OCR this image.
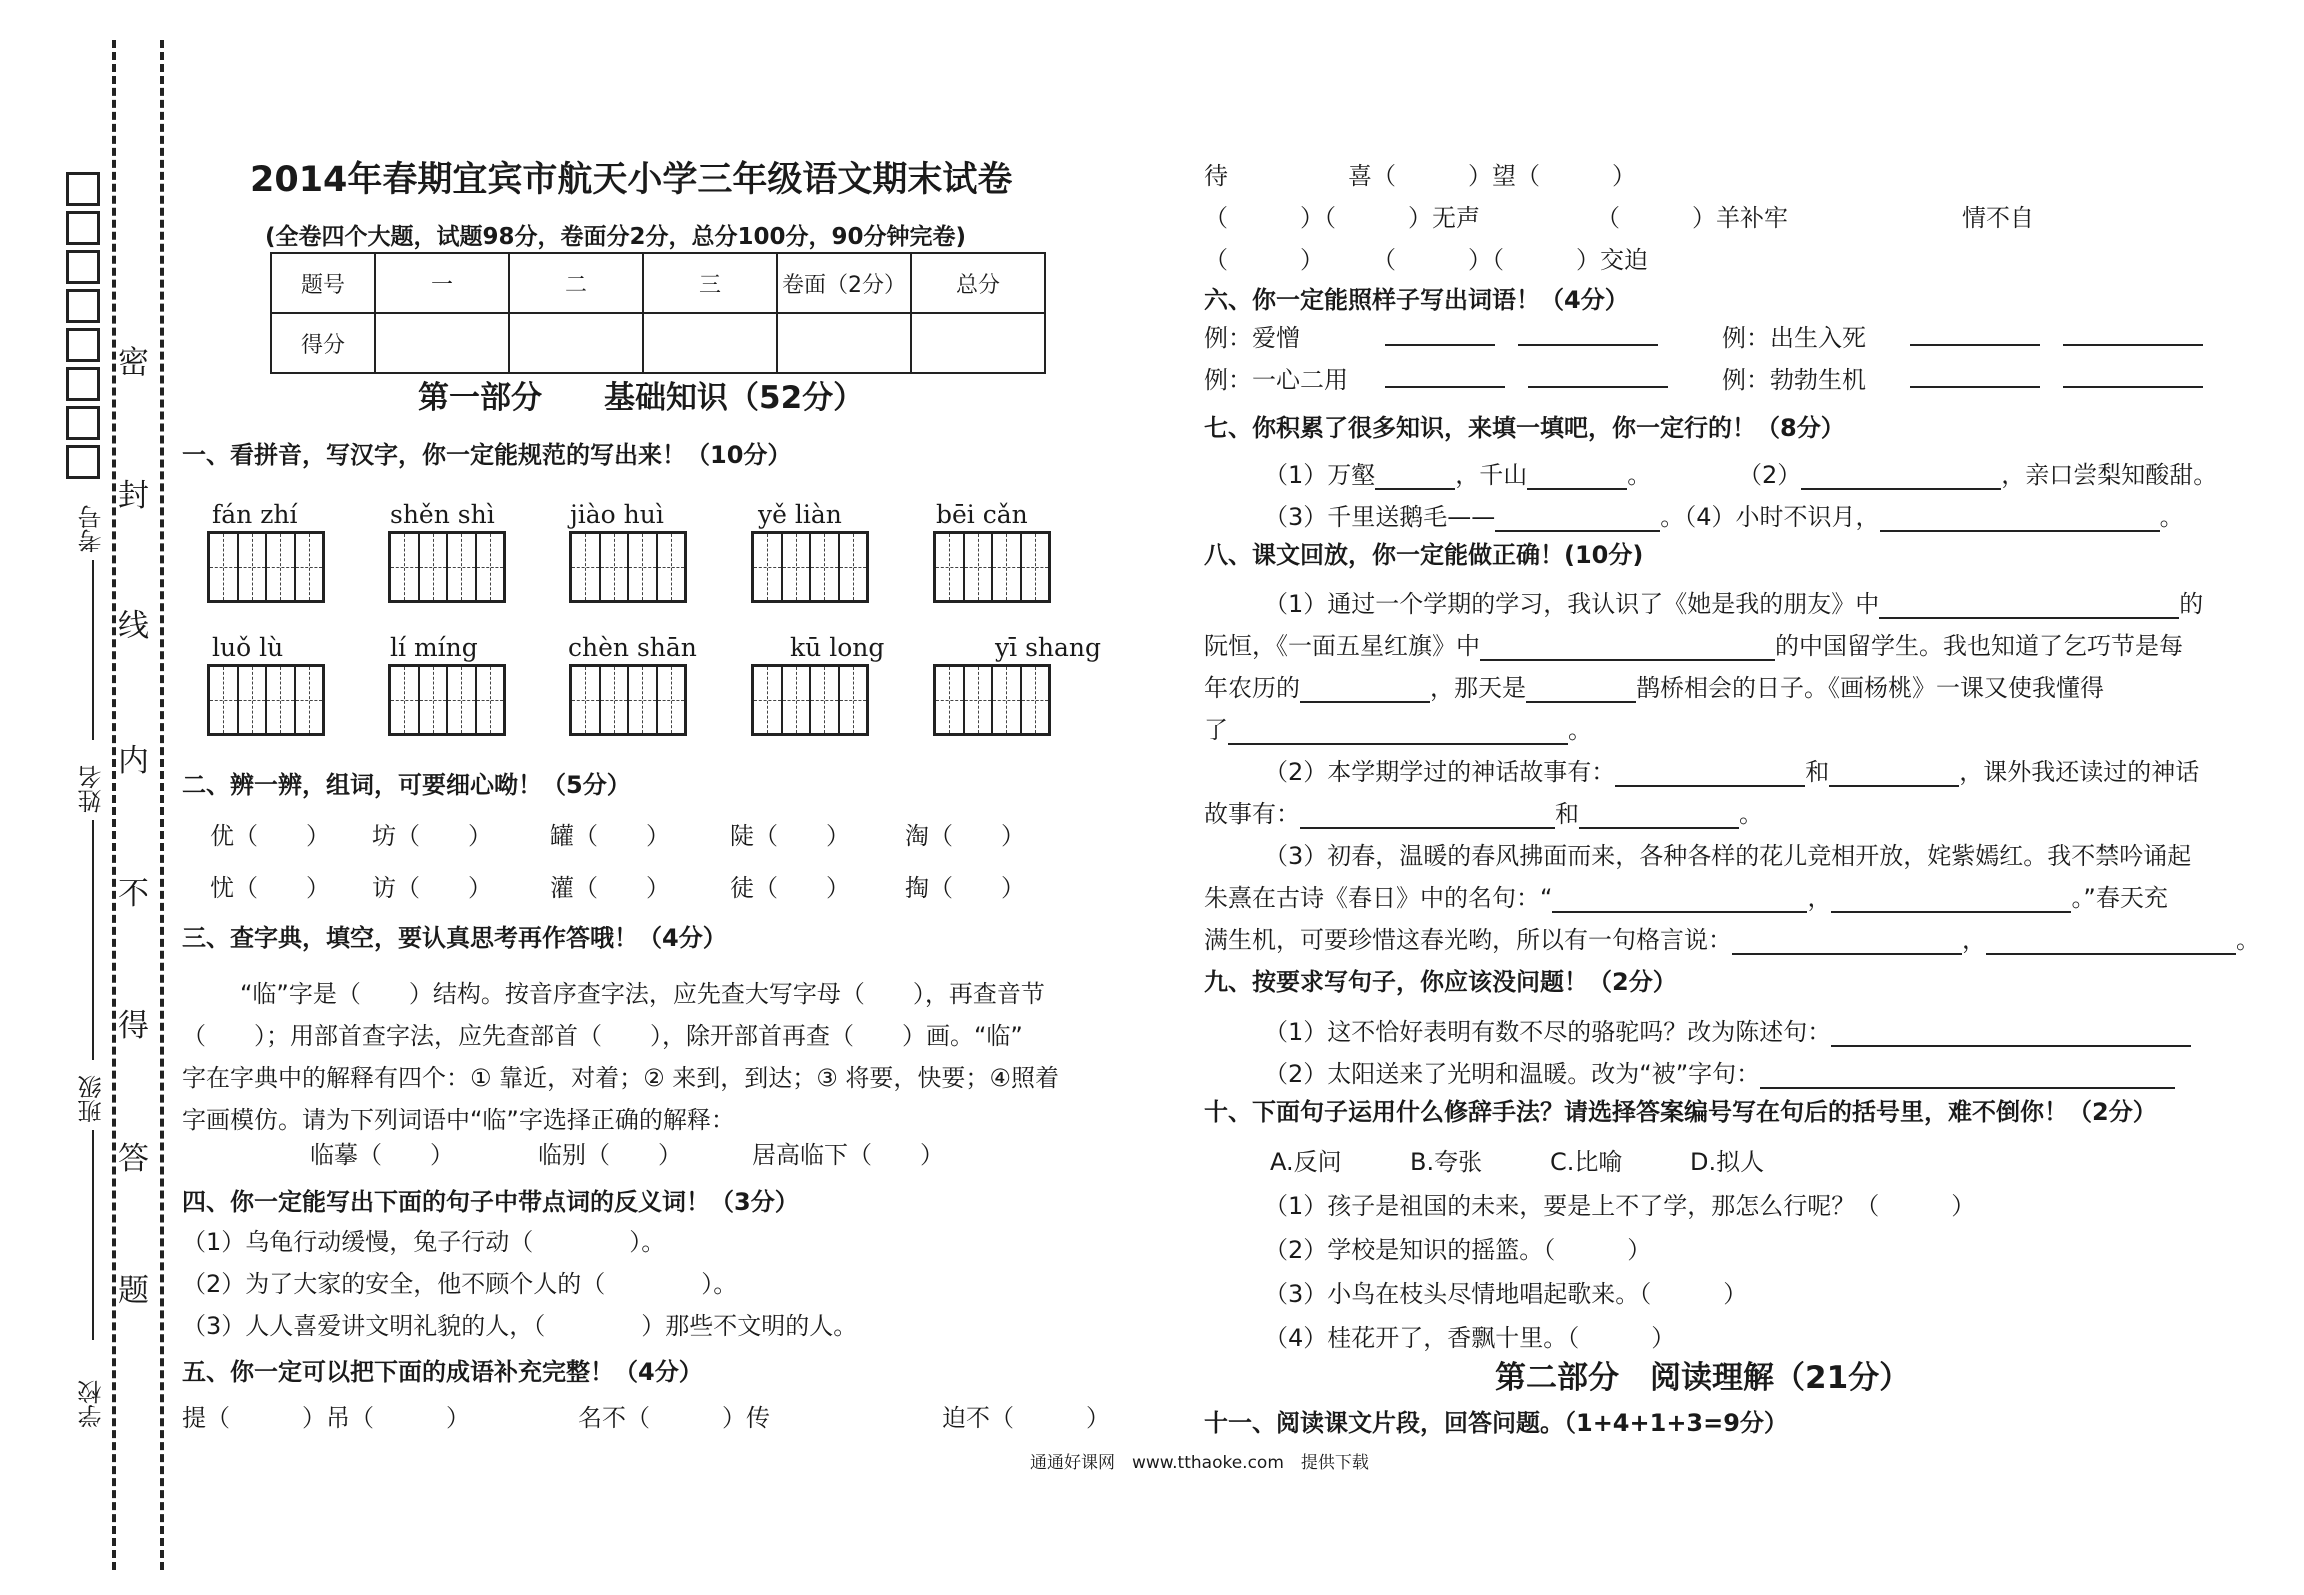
密
封
线
内
不
得
答
题
考号
姓名
班级
学校
2014年春期宜宾市航天小学三年级语文期末试卷
(全卷四个大题，试题98分，卷面分2分，总分100分，90分钟完卷)
题号	一	二	三	卷面（2分）	总分
得分					
第一部分　　基础知识（52分）
一、看拼音，写汉字，你一定能规范的写出来！（10分）
fán zhí	shěn shì	jiào huì	yě liàn	bēi cǎn
luǒ lù	lí míng	chèn shān	kū long	yī shang
二、辨一辨，组词，可要细心呦！（5分）
优（　　） 坊（　　） 罐（　　）	陡（　　） 淘（　　）
忧（　　） 访（　　） 灌（　　）	徒（　　） 掏（　　）
三、查字典，填空，要认真思考再作答哦！（4分）
“临”字是（　　）结构。按音序查字法，应先查大写字母（　　），再查音节
（　　）；用部首查字法，应先查部首（　　），除开部首再查（　　）画。“临”
字在字典中的解释有四个：① 靠近，对着；② 来到，到达；③ 将要，快要；④照着
字画模仿。请为下列词语中“临”字选择正确的解释：
临摹（　　）	临别（　　）	居高临下（　　）
四、你一定能写出下面的句子中带点词的反义词！（3分）
（1）乌龟行动缓慢，兔子行动（　　　　）。
（2）为了大家的安全，他不顾个人的（　　　　）。
（3）人人喜爱讲文明礼貌的人，（　　　　）那些不文明的人。
五、你一定可以把下面的成语补充完整！（4分）
提（　　　）吊（　　　）	名不（　　　）传	迫不（　　　）
通通好课网　www.tthaoke.com　提供下载
待　　　　　喜（　　　）望（　　　）
（　　　）（　　　）无声	（　　　）羊补牢	情不自
（　　　）　　　（　　　）（　　　）交迫
六、你一定能照样子写出词语！（4分）
例：爱憎
	例：出生入死

例：一心二用
	例：勃勃生机

七、你积累了很多知识，来填一填吧，你一定行的！（8分）
（1）万壑	，千山	。	（2）	，亲口尝梨知酸甜。
（3）千里送鹅毛——	。（4）小时不识月，	。
八、课文回放，你一定能做正确！(10分)
（1）通过一个学期的学习，我认识了《她是我的朋友》中	的
阮恒，《一面五星红旗》中	的中国留学生。我也知道了乞巧节是每
年农历的	，那天是	鹊桥相会的日子。《画杨桃》一课又使我懂得
了	。
（2）本学期学过的神话故事有：	和	，课外我还读过的神话
故事有：	和	。
（3）初春，温暖的春风拂面而来，各种各样的花儿竞相开放，姹紫嫣红。我不禁吟诵起
朱熹在古诗《春日》中的名句：“	，	。”春天充
满生机，可要珍惜这春光哟，所以有一句格言说：	，	。
九、按要求写句子，你应该没问题！（2分）
（1）这不恰好表明有数不尽的骆驼吗？改为陈述句：
（2）太阳送来了光明和温暖。改为“被”字句：
十、下面句子运用什么修辞手法？请选择答案编号写在句后的括号里，难不倒你！（2分）
A.反问	B.夸张	C.比喻	D.拟人
（1）孩子是祖国的未来，要是上不了学，那怎么行呢？（　　　）
（2）学校是知识的摇篮。（　　　）
（3）小鸟在枝头尽情地唱起歌来。（　　　）
（4）桂花开了，香飘十里。（　　　）
第二部分　阅读理解（21分）
十一、阅读课文片段，回答问题。（1+4+1+3=9分）
